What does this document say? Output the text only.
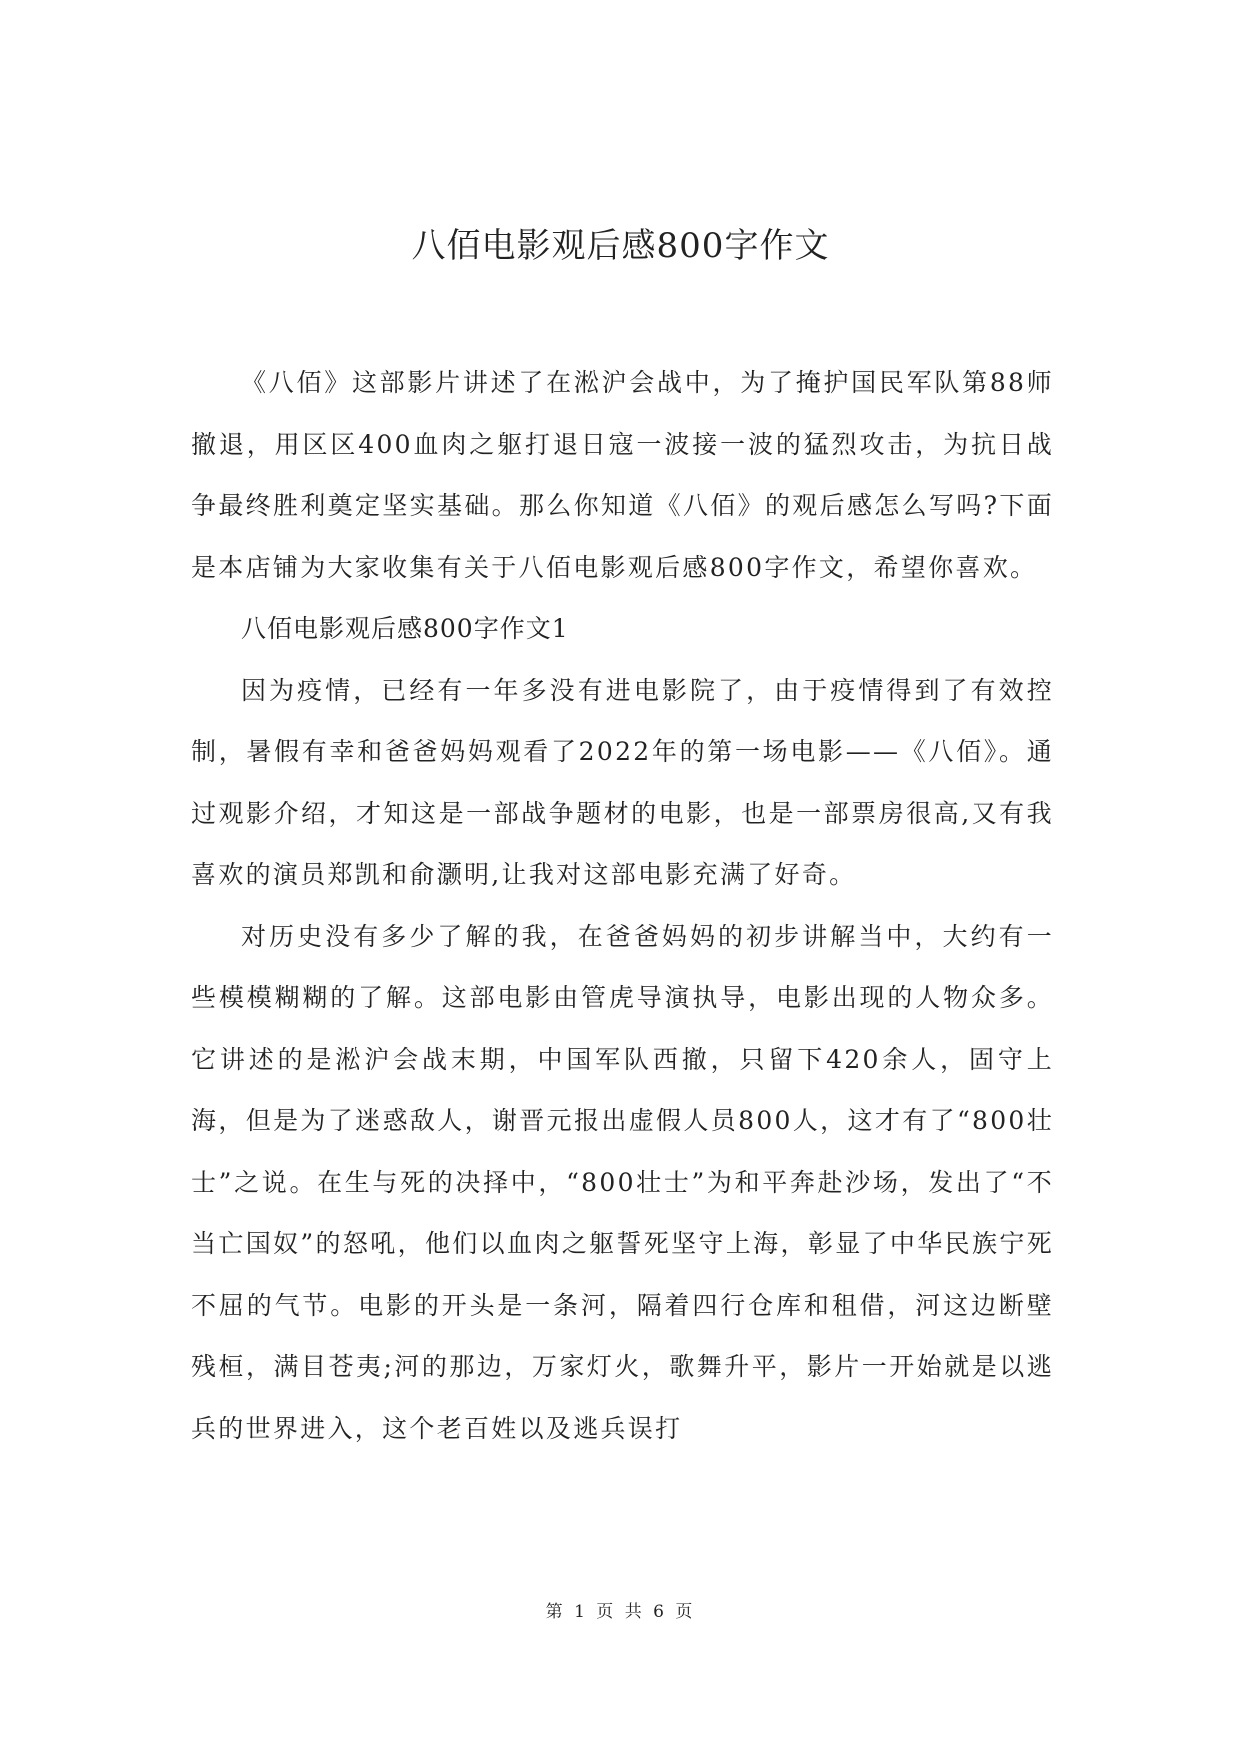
八佰电影观后感800字作文

《八佰》这部影片讲述了在淞沪会战中，为了掩护国民军队第88师撤退，用区区400血肉之躯打退日寇一波接一波的猛烈攻击，为抗日战争最终胜利奠定坚实基础。那么你知道《八佰》的观后感怎么写吗?下面是本店铺为大家收集有关于八佰电影观后感800字作文，希望你喜欢。

八佰电影观后感800字作文1

因为疫情，已经有一年多没有进电影院了，由于疫情得到了有效控制，暑假有幸和爸爸妈妈观看了2022年的第一场电影——《八佰》。通过观影介绍，才知这是一部战争题材的电影，也是一部票房很高,又有我喜欢的演员郑凯和俞灏明,让我对这部电影充满了好奇。

对历史没有多少了解的我，在爸爸妈妈的初步讲解当中，大约有一些模模糊糊的了解。这部电影由管虎导演执导，电影出现的人物众多。它讲述的是淞沪会战末期，中国军队西撤，只留下420余人，固守上海，但是为了迷惑敌人，谢晋元报出虚假人员800人，这才有了“800壮士”之说。在生与死的决择中，“800壮士”为和平奔赴沙场，发出了“不当亡国奴”的怒吼，他们以血肉之躯誓死坚守上海，彰显了中华民族宁死不屈的气节。电影的开头是一条河，隔着四行仓库和租借，河这边断壁残桓，满目苍夷;河的那边，万家灯火，歌舞升平，影片一开始就是以逃兵的世界进入，这个老百姓以及逃兵误打

第 1 页 共 6 页
